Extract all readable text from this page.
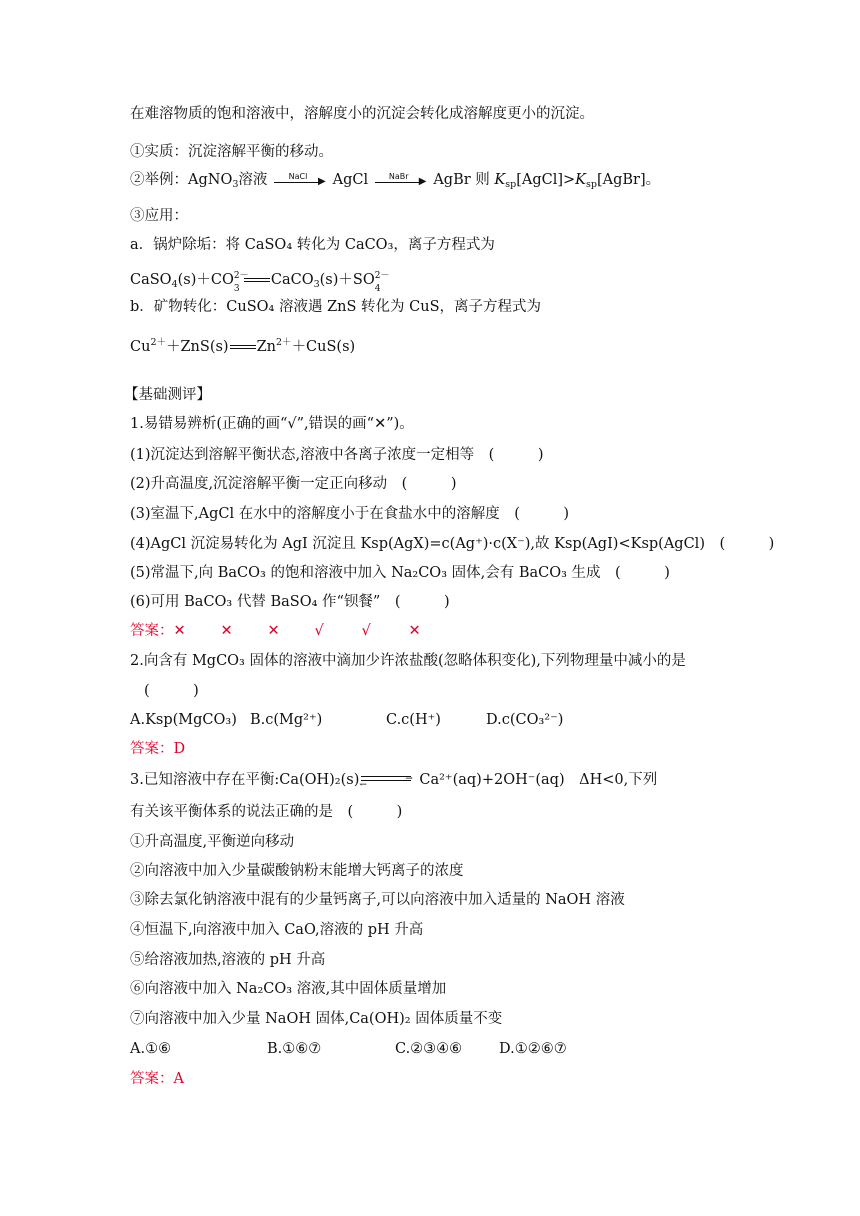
在难溶物质的饱和溶液中，溶解度小的沉淀会转化成溶解度更小的沉淀。
①实质：沉淀溶解平衡的移动。
②举例：AgNO$_3$溶液	NaCl	▶ AgCl	NaBr	▶ AgBr 则 $K_{sp}[AgCl]>K_{sp}[AgBr]$。
③应用：
a．锅炉除垢：将 CaSO₄ 转化为 CaCO₃，离子方程式为
CaSO$_4$(s)＋CO 2－
3
CaCO$_3$(s)＋SO 2－
4
b．矿物转化：CuSO₄ 溶液遇 ZnS 转化为 CuS，离子方程式为
$Cu^{2+}+ZnS(s)$ $Zn^{2+}+CuS(s)$
【基础测评】
1.易错易辨析(正确的画“√”,错误的画“✕”)。
(1)沉淀达到溶解平衡状态,溶液中各离子浓度一定相等　(　　　)
(2)升高温度,沉淀溶解平衡一定正向移动　(　　　)
(3)室温下,AgCl 在水中的溶解度小于在食盐水中的溶解度　(　　　)
(4)AgCl 沉淀易转化为 AgI 沉淀且 Ksp(AgX)=c(Ag⁺)·c(X⁻),故 Ksp(AgI)<Ksp(AgCl)　(　　　)
(5)常温下,向 BaCO₃ 的饱和溶液中加入 Na₂CO₃ 固体,会有 BaCO₃ 生成　(　　　)
(6)可用 BaCO₃ 代替 BaSO₄ 作“钡餐”　(　　　)
答案：✕ ✕ ✕ √	√	✕
2.向含有 MgCO₃ 固体的溶液中滴加少许浓盐酸(忽略体积变化),下列物理量中减小的是
(　　　)
A.Ksp(MgCO₃) B.c(Mg²⁺)	C.c(H⁺)	D.c(CO₃²⁻)
答案：D
3.已知溶液中存在平衡:Ca(OH)₂(s)	⇀
↽	Ca²⁺(aq)+2OH⁻(aq)　ΔH<0,下列
有关该平衡体系的说法正确的是　(　　　)
①升高温度,平衡逆向移动
②向溶液中加入少量碳酸钠粉末能增大钙离子的浓度
③除去氯化钠溶液中混有的少量钙离子,可以向溶液中加入适量的 NaOH 溶液
④恒温下,向溶液中加入 CaO,溶液的 pH 升高
⑤给溶液加热,溶液的 pH 升高
⑥向溶液中加入 Na₂CO₃ 溶液,其中固体质量增加
⑦向溶液中加入少量 NaOH 固体,Ca(OH)₂ 固体质量不变
A.①⑥	B.①⑥⑦	C.②③④⑥	D.①②⑥⑦
答案：A
